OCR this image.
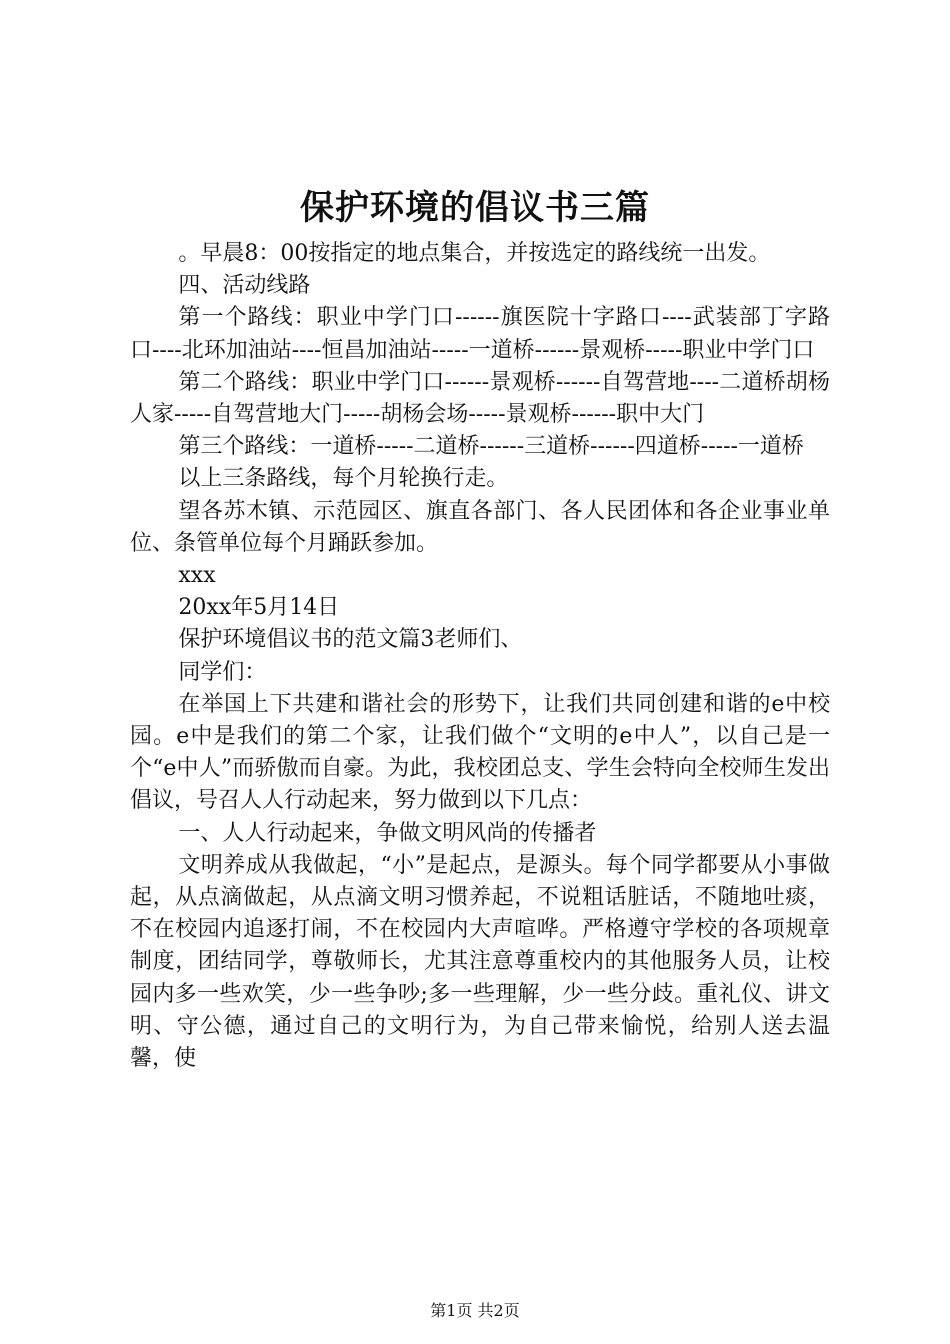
保护环境的倡议书三篇

。早晨8：00按指定的地点集合，并按选定的路线统一出发。

四、活动线路

第一个路线：职业中学门口------旗医院十字路口----武装部丁字路口----北环加油站----恒昌加油站-----一道桥------景观桥-----职业中学门口

第二个路线：职业中学门口------景观桥------自驾营地----二道桥胡杨人家-----自驾营地大门-----胡杨会场-----景观桥------职中大门

第三个路线：一道桥-----二道桥------三道桥------四道桥-----一道桥

以上三条路线，每个月轮换行走。

望各苏木镇、示范园区、旗直各部门、各人民团体和各企业事业单位、条管单位每个月踊跃参加。

xxx

20xx年5月14日

保护环境倡议书的范文篇3老师们、

同学们：

在举国上下共建和谐社会的形势下，让我们共同创建和谐的e中校园。e中是我们的第二个家，让我们做个“文明的e中人”，以自己是一个“e中人”而骄傲而自豪。为此，我校团总支、学生会特向全校师生发出倡议，号召人人行动起来，努力做到以下几点：

一、人人行动起来，争做文明风尚的传播者

文明养成从我做起，“小”是起点，是源头。每个同学都要从小事做起，从点滴做起，从点滴文明习惯养起，不说粗话脏话，不随地吐痰，不在校园内追逐打闹，不在校园内大声喧哗。严格遵守学校的各项规章制度，团结同学，尊敬师长，尤其注意尊重校内的其他服务人员，让校园内多一些欢笑，少一些争吵;多一些理解，少一些分歧。重礼仪、讲文明、守公德，通过自己的文明行为，为自己带来愉悦，给别人送去温馨，使

第1页 共2页
